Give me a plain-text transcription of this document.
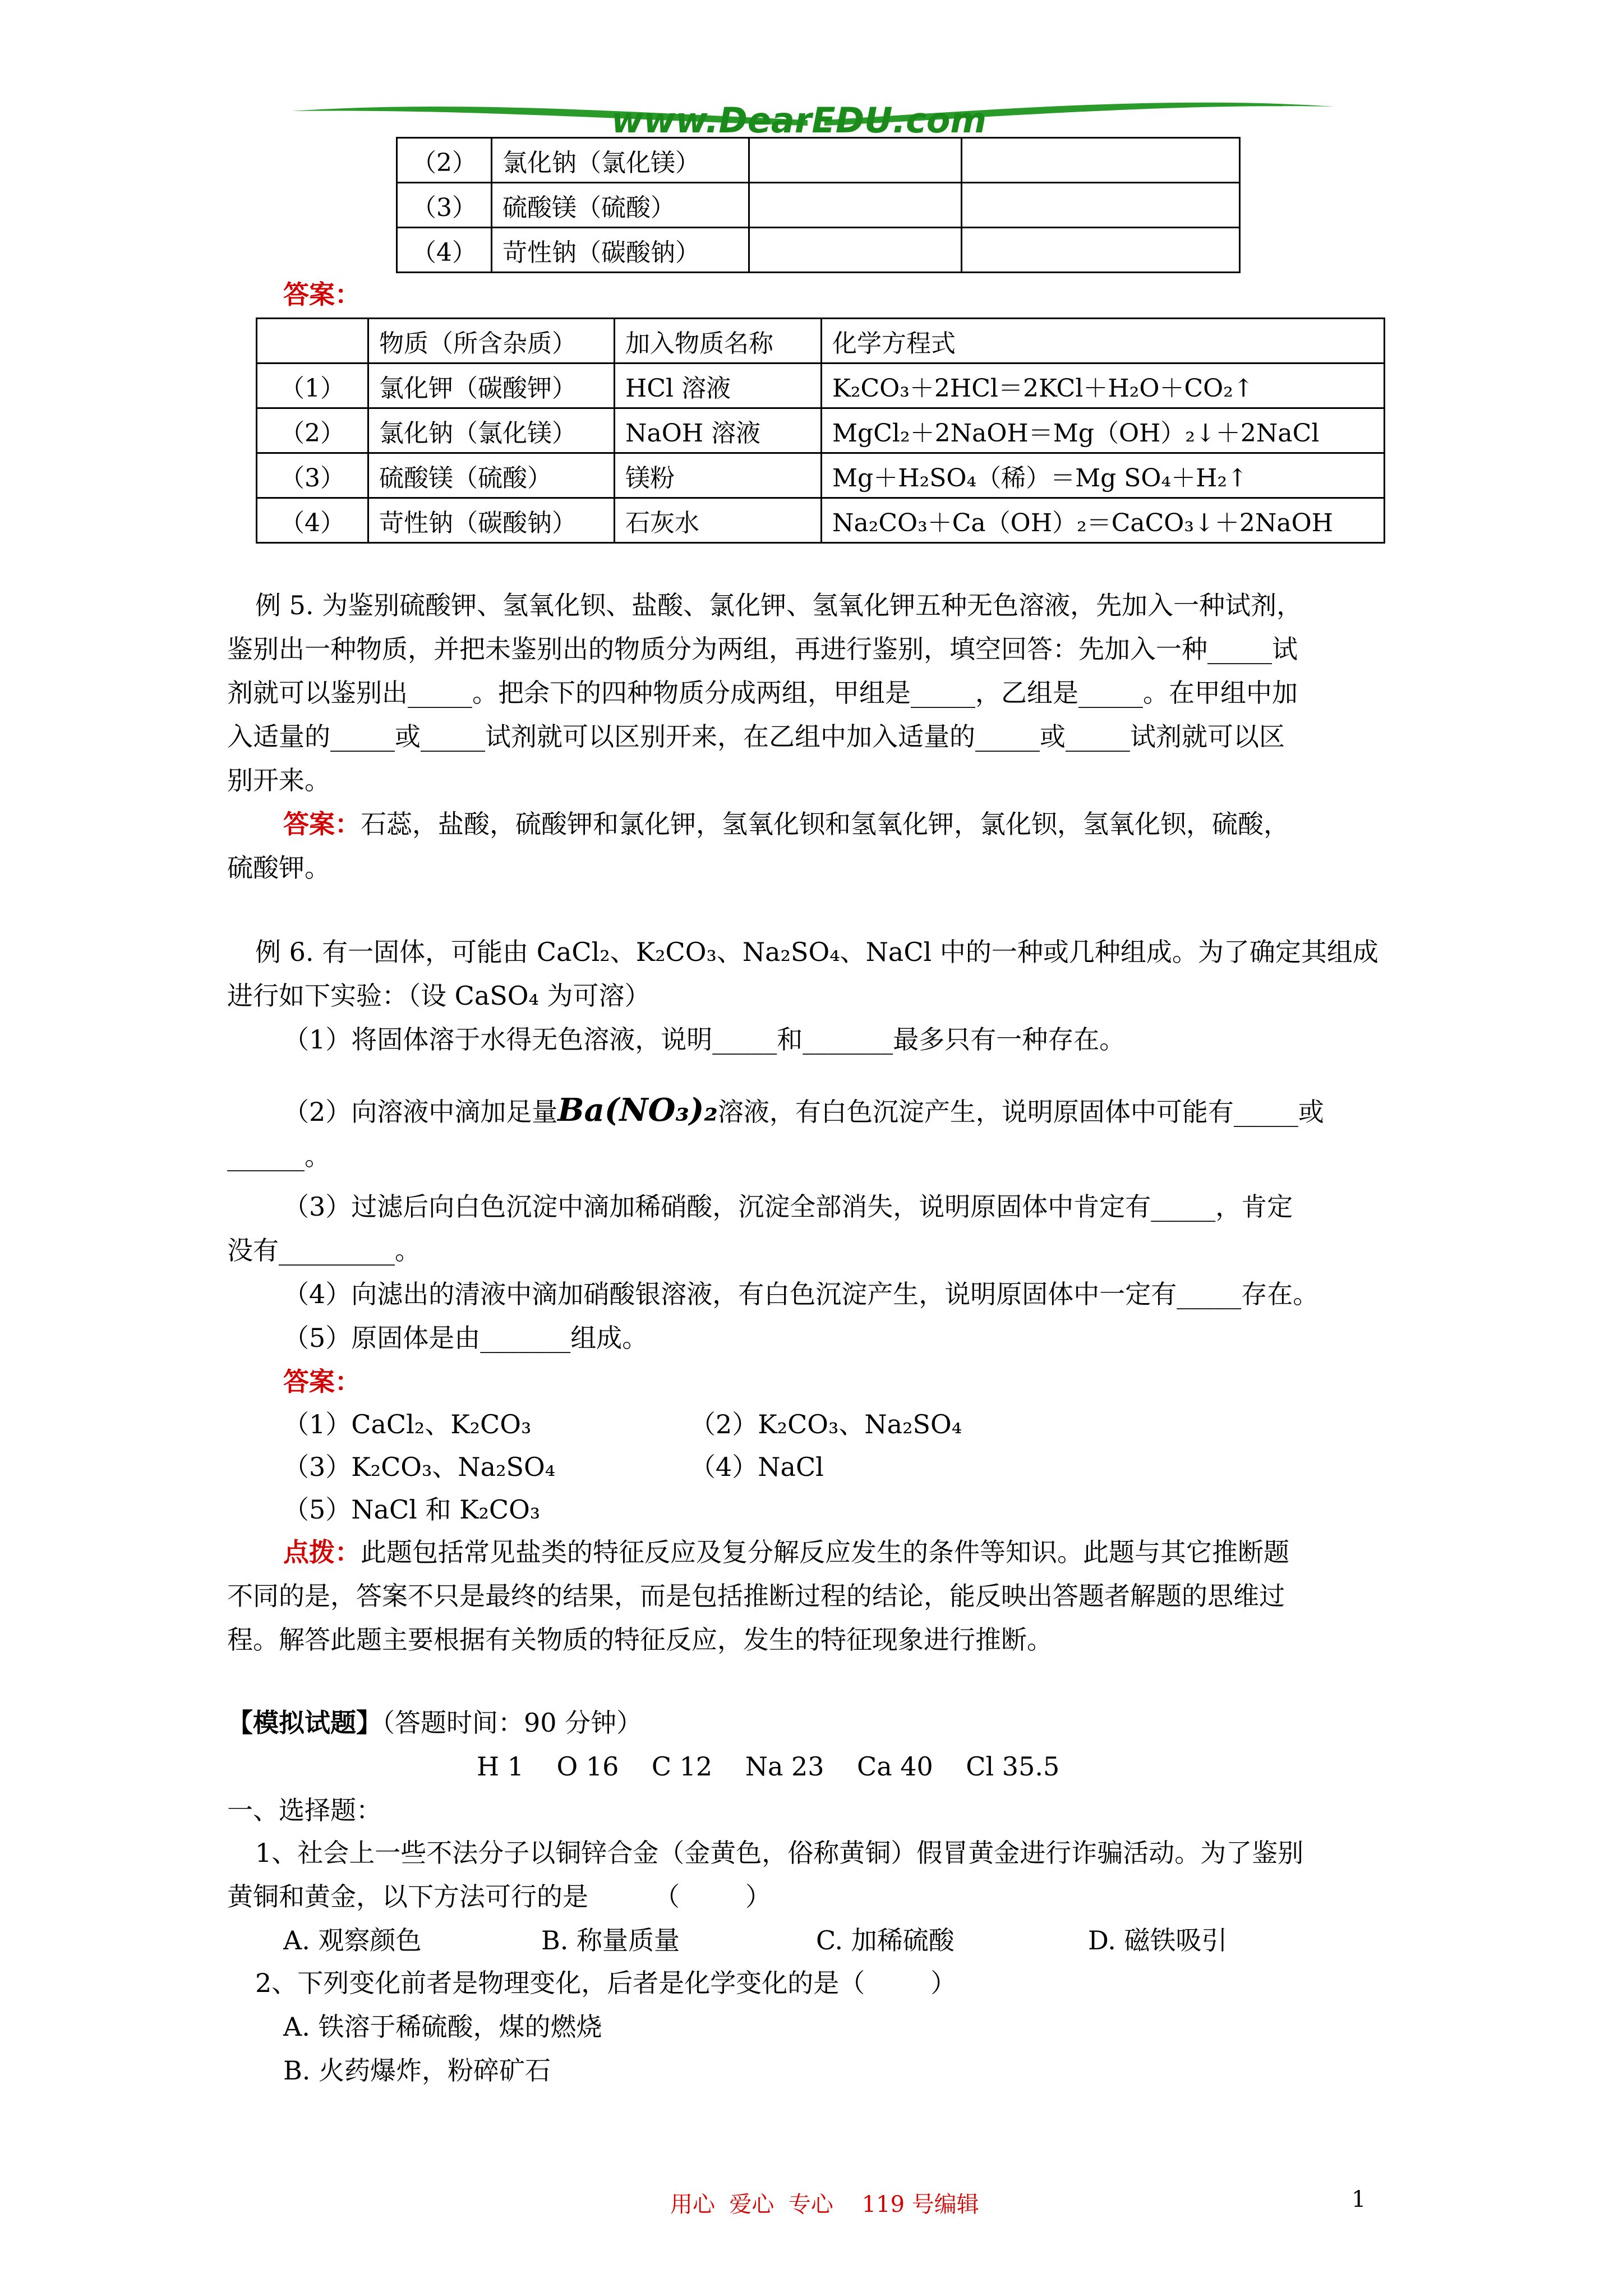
www.DearEDU.com
（2）	氯化钠（氯化镁）		
（3）	硫酸镁（硫酸）		
（4）	苛性钠（碳酸钠）		
答案：
	物质（所含杂质）	加入物质名称	化学方程式
（1）	氯化钾（碳酸钾）	HCl 溶液	K₂CO₃＋2HCl＝2KCl＋H₂O＋CO₂↑
（2）	氯化钠（氯化镁）	NaOH 溶液	MgCl₂＋2NaOH＝Mg（OH）₂↓＋2NaCl
（3）	硫酸镁（硫酸）	镁粉	Mg＋H₂SO₄（稀）＝Mg SO₄＋H₂↑
（4）	苛性钠（碳酸钠）	石灰水	Na₂CO₃＋Ca（OH）₂＝CaCO₃↓＋2NaOH
例 5. 为鉴别硫酸钾、氢氧化钡、盐酸、氯化钾、氢氧化钾五种无色溶液，先加入一种试剂，
鉴别出一种物质，并把未鉴别出的物质分为两组，再进行鉴别，填空回答：先加入一种_____试
剂就可以鉴别出_____。把余下的四种物质分成两组，甲组是_____，乙组是_____。在甲组中加
入适量的_____或_____试剂就可以区别开来，在乙组中加入适量的_____或_____试剂就可以区
别开来。
答案：石蕊，盐酸，硫酸钾和氯化钾，氢氧化钡和氢氧化钾，氯化钡，氢氧化钡，硫酸，
硫酸钾。
例 6. 有一固体，可能由 CaCl₂、K₂CO₃、Na₂SO₄、NaCl 中的一种或几种组成。为了确定其组成
进行如下实验：（设 CaSO₄ 为可溶）
（1）将固体溶于水得无色溶液，说明_____和_______最多只有一种存在。
（2）向溶液中滴加足量Ba(NO₃)₂溶液，有白色沉淀产生，说明原固体中可能有_____或
______。
（3）过滤后向白色沉淀中滴加稀硝酸，沉淀全部消失，说明原固体中肯定有_____，肯定
没有_________。
（4）向滤出的清液中滴加硝酸银溶液，有白色沉淀产生，说明原固体中一定有_____存在。
（5）原固体是由_______组成。
答案：
（1）CaCl₂、K₂CO₃	（2）K₂CO₃、Na₂SO₄
（3）K₂CO₃、Na₂SO₄	（4）NaCl
（5）NaCl 和 K₂CO₃
点拨：此题包括常见盐类的特征反应及复分解反应发生的条件等知识。此题与其它推断题
不同的是，答案不只是最终的结果，而是包括推断过程的结论，能反映出答题者解题的思维过
程。解答此题主要根据有关物质的特征反应，发生的特征现象进行推断。
【模拟试题】（答题时间：90 分钟）
H 1    O 16    C 12    Na 23    Ca 40    Cl 35.5
一、选择题：
1、社会上一些不法分子以铜锌合金（金黄色，俗称黄铜）假冒黄金进行诈骗活动。为了鉴别
黄铜和黄金，以下方法可行的是        （        ）
A. 观察颜色	B. 称量质量	C. 加稀硫酸	D. 磁铁吸引
2、下列变化前者是物理变化，后者是化学变化的是（        ）
A. 铁溶于稀硫酸，煤的燃烧
B. 火药爆炸，粉碎矿石
用心  爱心  专心    119 号编辑	1
